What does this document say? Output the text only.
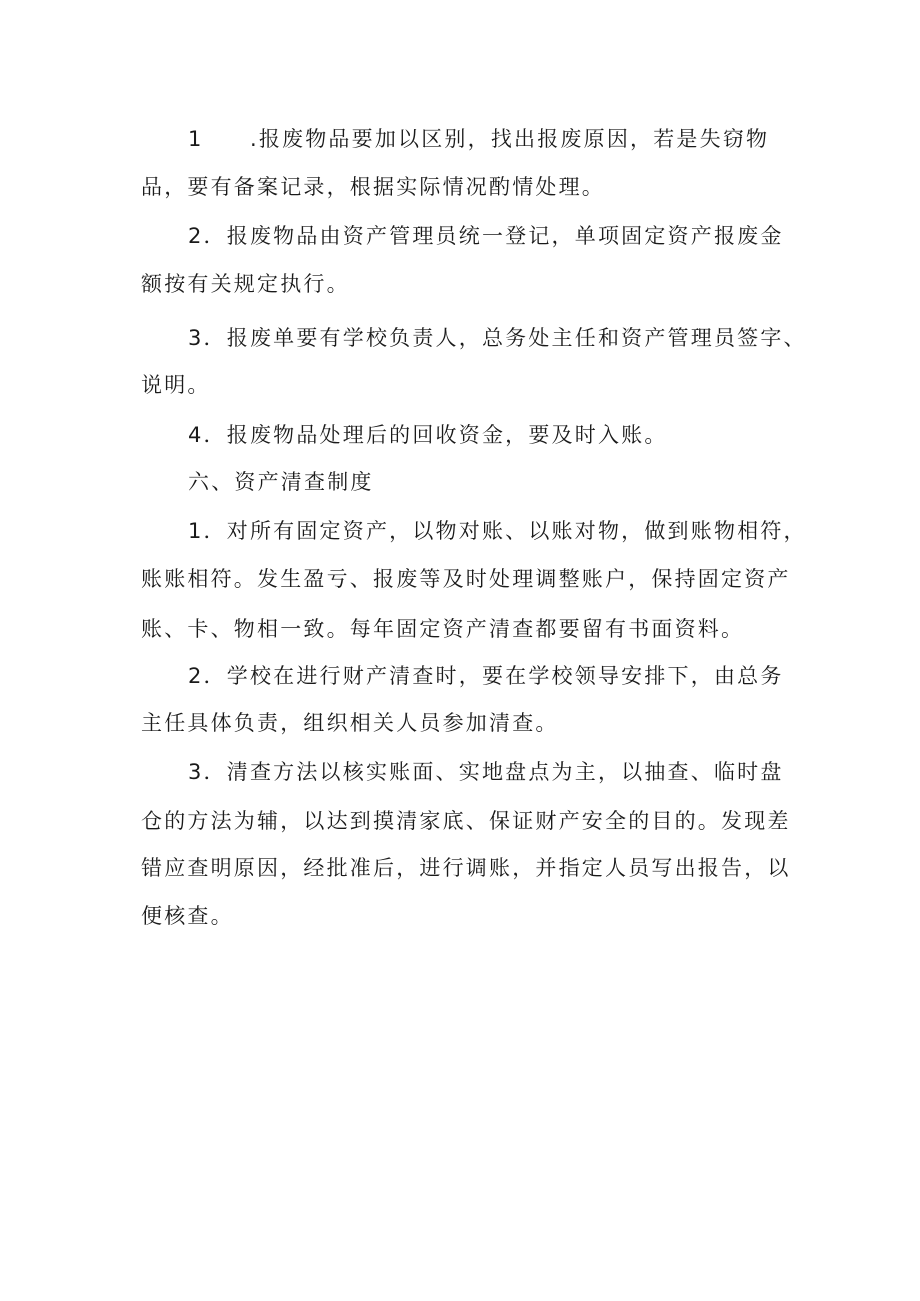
1　　.报废物品要加以区别，找出报废原因，若是失窃物
品，要有备案记录，根据实际情况酌情处理。
2．报废物品由资产管理员统一登记，单项固定资产报废金
额按有关规定执行。
3．报废单要有学校负责人，总务处主任和资产管理员签字、
说明。
4．报废物品处理后的回收资金，要及时入账。
六、资产清查制度
1．对所有固定资产，以物对账、以账对物，做到账物相符，
账账相符。发生盈亏、报废等及时处理调整账户，保持固定资产
账、卡、物相一致。每年固定资产清查都要留有书面资料。
2．学校在进行财产清查时，要在学校领导安排下，由总务
主任具体负责，组织相关人员参加清查。
3．清查方法以核实账面、实地盘点为主，以抽查、临时盘
仓的方法为辅，以达到摸清家底、保证财产安全的目的。发现差
错应查明原因，经批准后，进行调账，并指定人员写出报告，以
便核查。
